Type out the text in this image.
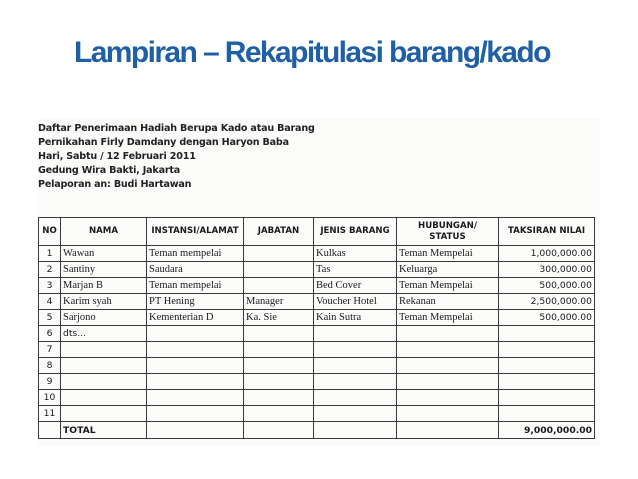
Lampiran – Rekapitulasi barang/kado
Daftar Penerimaan Hadiah Berupa Kado atau Barang
Pernikahan Firly Damdany dengan Haryon Baba
Hari, Sabtu / 12 Februari 2011
Gedung Wira Bakti, Jakarta
Pelaporan an: Budi Hartawan
NO	NAMA	INSTANSI/ALAMAT	JABATAN	JENIS BARANG	HUBUNGAN/ STATUS	TAKSIRAN NILAI
1	Wawan	Teman mempelai		Kulkas	Teman Mempelai	1,000,000.00
2	Santiny	Saudara		Tas	Keluarga	300,000.00
3	Marjan B	Teman mempelai		Bed Cover	Teman Mempelai	500,000.00
4	Karim syah	PT Hening	Manager	Voucher Hotel	Rekanan	2,500,000.00
5	Sarjono	Kementerian D	Ka. Sie	Kain Sutra	Teman Mempelai	500,000.00
6	dts...					
7						
8						
9						
10						
11						
	TOTAL					9,000,000.00
